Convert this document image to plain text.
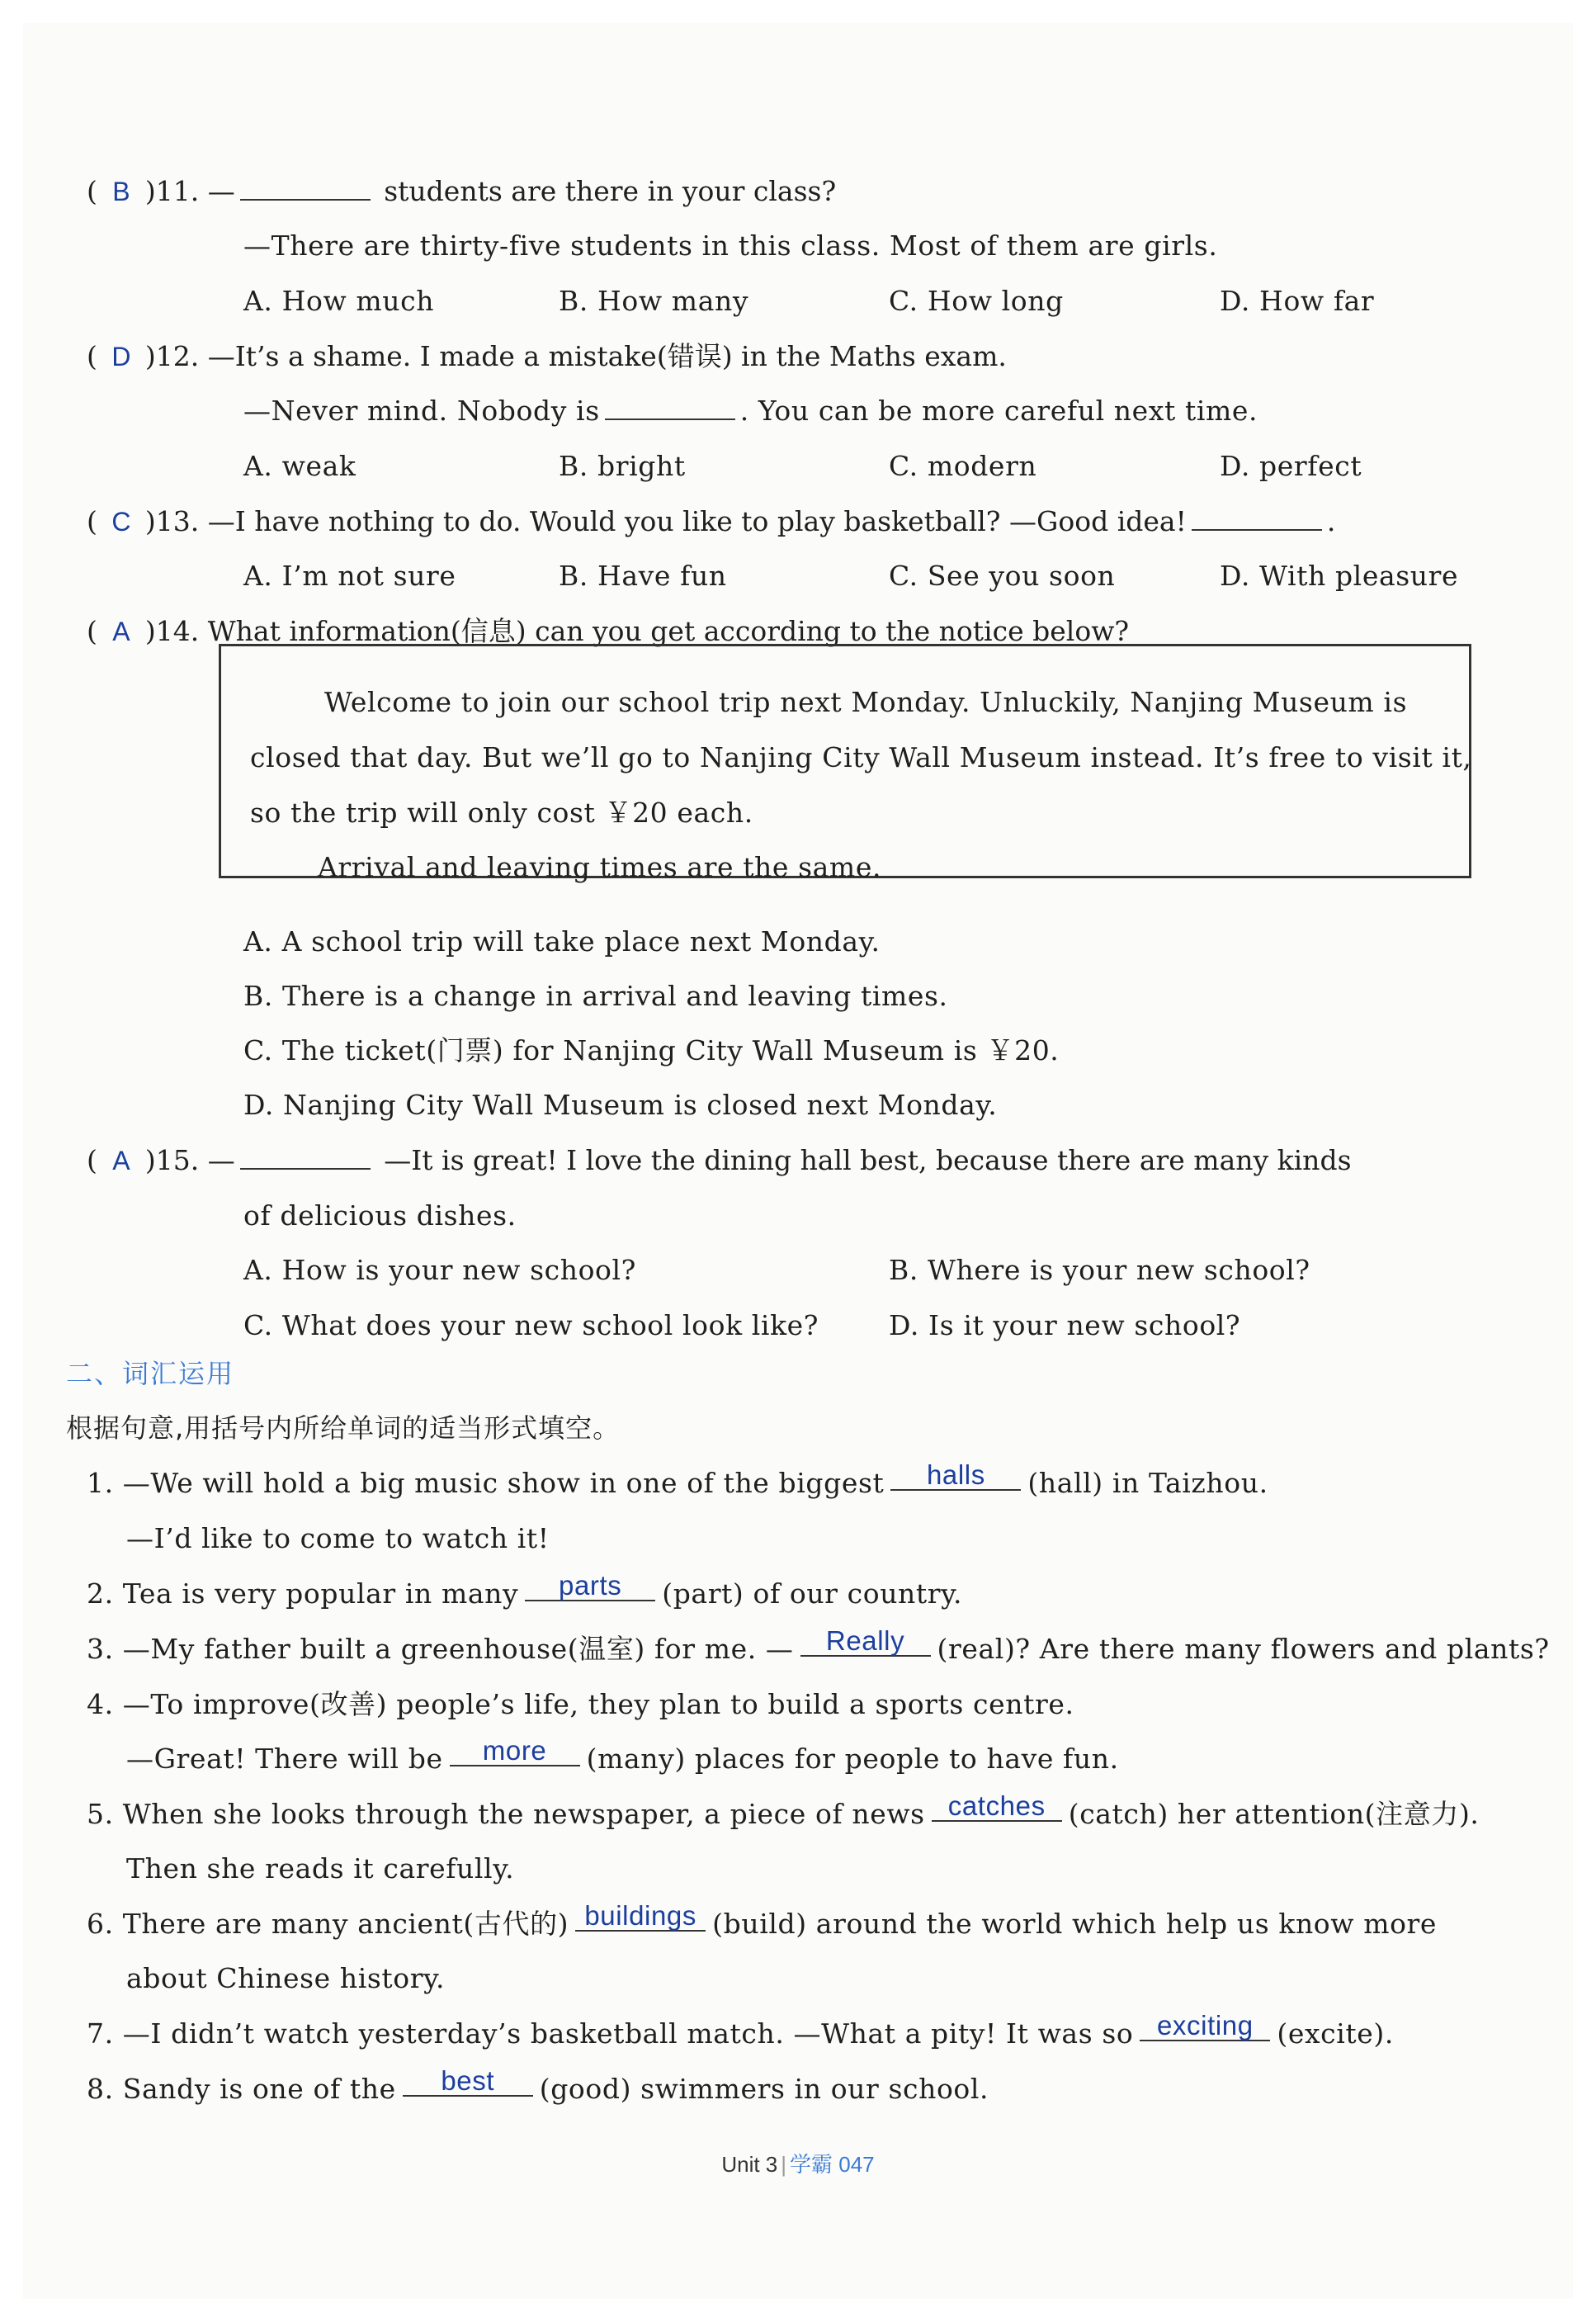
( B )11. —	students are there in your class?
—There are thirty-five students in this class. Most of them are girls.
A. How much	B. How many	C. How long	D. How far
( D )12. —It’s a shame. I made a mistake(错误) in the Maths exam.
—Never mind. Nobody is	. You can be more careful next time.
A. weak	B. bright	C. modern	D. perfect
( C )13. —I have nothing to do. Would you like to play basketball? —Good idea!	.
A. I’m not sure	B. Have fun	C. See you soon	D. With pleasure
( A )14. What information(信息) can you get according to the notice below?
Welcome to join our school trip next Monday. Unluckily, Nanjing Museum is
closed that day. But we’ll go to Nanjing City Wall Museum instead. It’s free to visit it,
so the trip will only cost ￥20 each.
Arrival and leaving times are the same.
A. A school trip will take place next Monday.
B. There is a change in arrival and leaving times.
C. The ticket(门票) for Nanjing City Wall Museum is ￥20.
D. Nanjing City Wall Museum is closed next Monday.
( A )15. —	—It is great! I love the dining hall best, because there are many kinds
of delicious dishes.
A. How is your new school?	B. Where is your new school?
C. What does your new school look like?	D. Is it your new school?
二、词汇运用
根据句意,用括号内所给单词的适当形式填空。
1. —We will hold a big music show in one of the biggest halls (hall) in Taizhou.
—I’d like to come to watch it!
2. Tea is very popular in many parts (part) of our country.
3. —My father built a greenhouse(温室) for me. — Really (real)? Are there many flowers and plants?
4. —To improve(改善) people’s life, they plan to build a sports centre.
—Great! There will be more (many) places for people to have fun.
5. When she looks through the newspaper, a piece of news catches (catch) her attention(注意力).
Then she reads it carefully.
6. There are many ancient(古代的) buildings (build) around the world which help us know more
about Chinese history.
7. —I didn’t watch yesterday’s basketball match. —What a pity! It was so exciting (excite).
8. Sandy is one of the best (good) swimmers in our school.
Unit 3 | 学霸 047
